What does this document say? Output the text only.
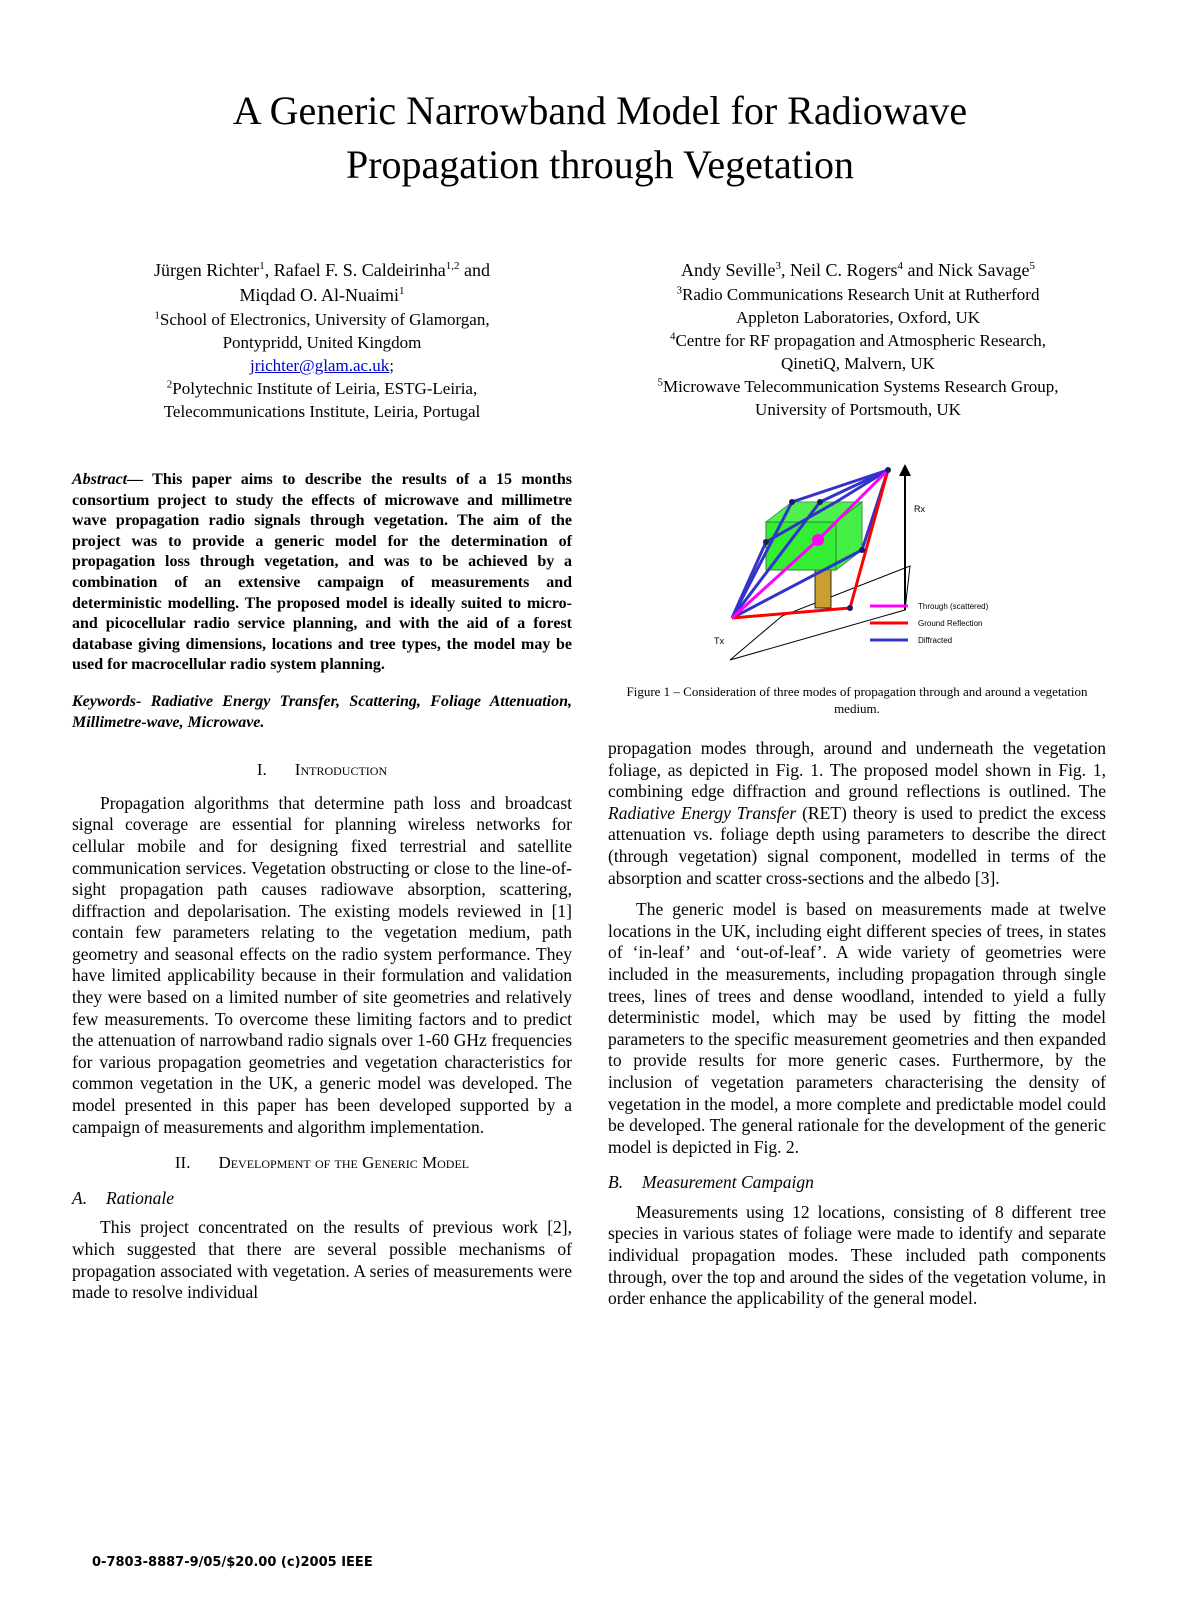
A Generic Narrowband Model for Radiowave
Propagation through Vegetation
Jürgen Richter$^1$, Rafael F. S. Caldeirinha$^{1,2}$ and
Miqdad O. Al-Nuaimi$^1$
$^1$School of Electronics, University of Glamorgan,
Pontypridd, United Kingdom
jrichter@glam.ac.uk;
$^2$Polytechnic Institute of Leiria, ESTG-Leiria,
Telecommunications Institute, Leiria, Portugal
Andy Seville$^3$, Neil C. Rogers$^4$ and Nick Savage$^5$
$^3$Radio Communications Research Unit at Rutherford
Appleton Laboratories, Oxford, UK
$^4$Centre for RF propagation and Atmospheric Research,
QinetiQ, Malvern, UK
$^5$Microwave Telecommunication Systems Research Group,
University of Portsmouth, UK

Abstract— This paper aims to describe the results of a 15 months consortium project to study the effects of microwave and millimetre wave propagation radio signals through vegetation. The aim of the project was to provide a generic model for the determination of propagation loss through vegetation, and was to be achieved by a combination of an extensive campaign of measurements and deterministic modelling. The proposed model is ideally suited to micro- and picocellular radio service planning, and with the aid of a forest database giving dimensions, locations and tree types, the model may be used for macrocellular radio system planning.

Keywords- Radiative Energy Transfer, Scattering, Foliage Attenuation, Millimetre-wave, Microwave.

I. Introduction

Propagation algorithms that determine path loss and broadcast signal coverage are essential for planning wireless networks for cellular mobile and for designing fixed terrestrial and satellite communication services. Vegetation obstructing or close to the line-of-sight propagation path causes radiowave absorption, scattering, diffraction and depolarisation. The existing models reviewed in [1] contain few parameters relating to the vegetation medium, path geometry and seasonal effects on the radio system performance. They have limited applicability because in their formulation and validation they were based on a limited number of site geometries and relatively few measurements. To overcome these limiting factors and to predict the attenuation of narrowband radio signals over 1-60 GHz frequencies for various propagation geometries and vegetation characteristics for common vegetation in the UK, a generic model was developed. The model presented in this paper has been developed supported by a campaign of measurements and algorithm implementation.

II. Development of the Generic Model
A. Rationale

This project concentrated on the results of previous work [2], which suggested that there are several possible mechanisms of propagation associated with vegetation. A series of measurements were made to resolve individual

Rx
Tx
Through (scattered)
Ground Reflection
Diffracted
Figure 1 – Consideration of three modes of propagation through and around a vegetation medium.

propagation modes through, around and underneath the vegetation foliage, as depicted in Fig. 1. The proposed model shown in Fig. 1, combining edge diffraction and ground reflections is outlined. The Radiative Energy Transfer (RET) theory is used to predict the excess attenuation vs. foliage depth using parameters to describe the direct (through vegetation) signal component, modelled in terms of the absorption and scatter cross-sections and the albedo [3].

The generic model is based on measurements made at twelve locations in the UK, including eight different species of trees, in states of ‘in-leaf’ and ‘out-of-leaf’. A wide variety of geometries were included in the measurements, including propagation through single trees, lines of trees and dense woodland, intended to yield a fully deterministic model, which may be used by fitting the model parameters to the specific measurement geometries and then expanded to provide results for more generic cases. Furthermore, by the inclusion of vegetation parameters characterising the density of vegetation in the model, a more complete and predictable model could be developed. The general rationale for the development of the generic model is depicted in Fig. 2.

B. Measurement Campaign

Measurements using 12 locations, consisting of 8 different tree species in various states of foliage were made to identify and separate individual propagation modes. These included path components through, over the top and around the sides of the vegetation volume, in order enhance the applicability of the general model.

0-7803-8887-9/05/$20.00 (c)2005 IEEE
